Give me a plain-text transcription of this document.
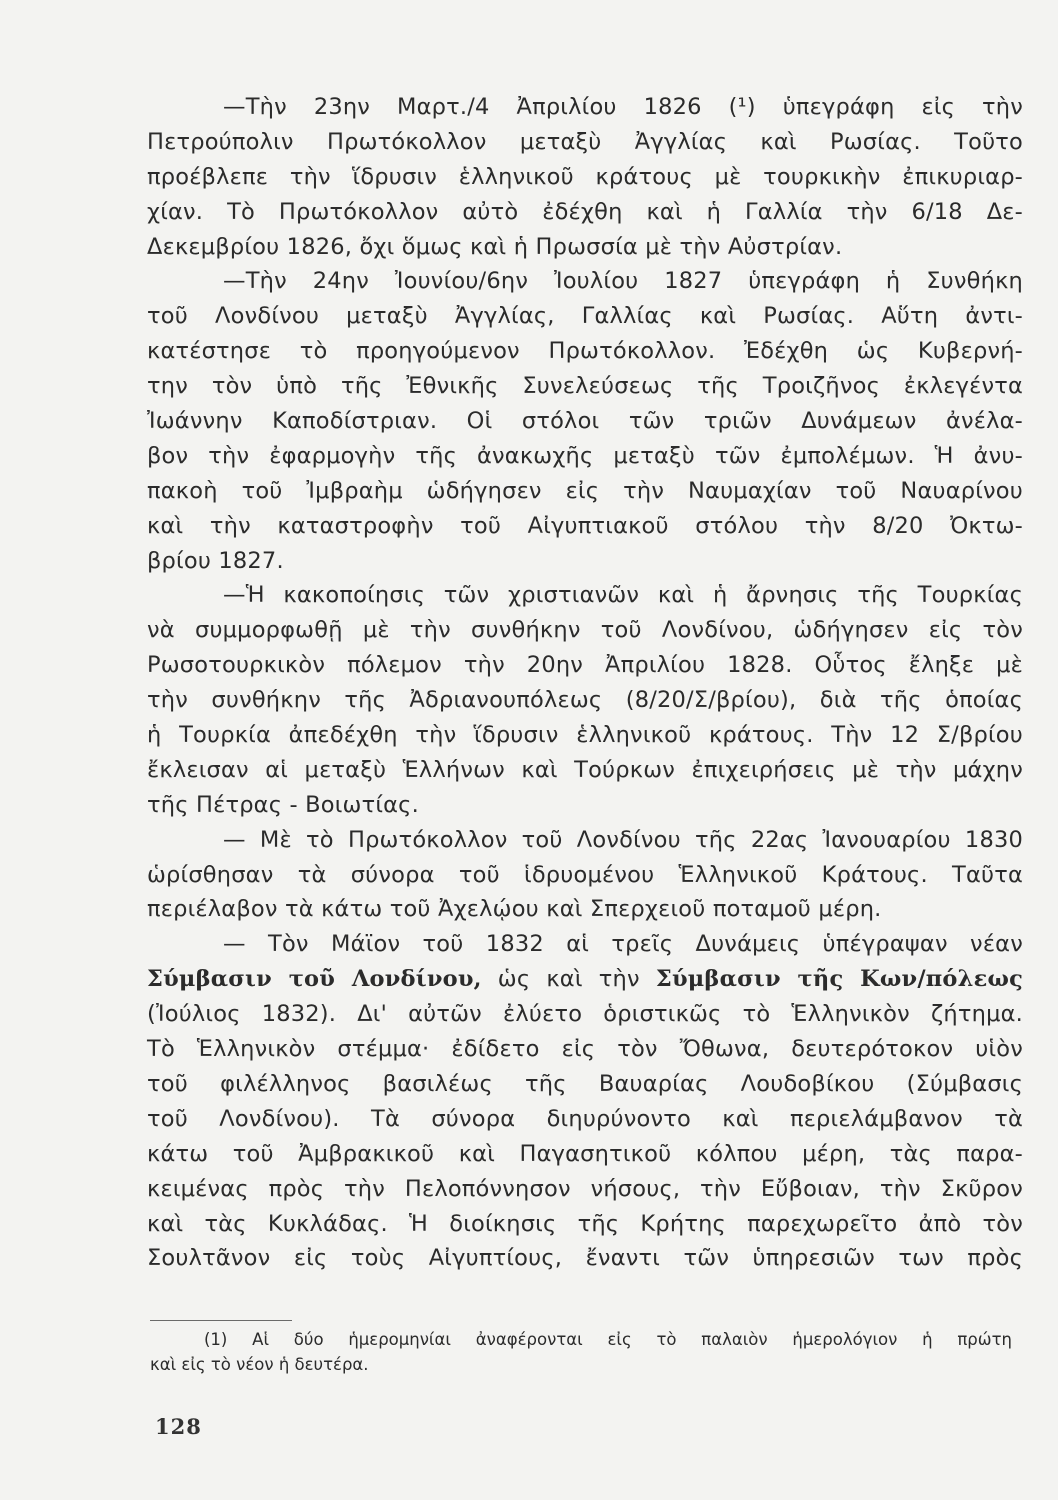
—Τὴν 23ην Μαρτ./4 Ἀπριλίου 1826 (¹) ὑπεγράφη εἰς τὴν
Πετρούπολιν Πρωτόκολλον μεταξὺ Ἀγγλίας καὶ Ρωσίας. Τοῦτο
προέβλεπε τὴν ἵδρυσιν ἑλληνικοῦ κράτους μὲ τουρκικὴν ἐπικυριαρ-
χίαν. Τὸ Πρωτόκολλον αὐτὸ ἐδέχθη καὶ ἡ Γαλλία τὴν 6/18 Δε-
Δεκεμβρίου 1826, ὄχι ὅμως καὶ ἡ Πρωσσία μὲ τὴν Αὐστρίαν.
—Τὴν 24ην Ἰουνίου/6ην Ἰουλίου 1827 ὑπεγράφη ἡ Συνθήκη
τοῦ Λονδίνου μεταξὺ Ἀγγλίας, Γαλλίας καὶ Ρωσίας. Αὕτη ἀντι-
κατέστησε τὸ προηγούμενον Πρωτόκολλον. Ἐδέχθη ὡς Κυβερνή-
την τὸν ὑπὸ τῆς Ἐθνικῆς Συνελεύσεως τῆς Τροιζῆνος ἐκλεγέντα
Ἰωάννην Καποδίστριαν. Οἱ στόλοι τῶν τριῶν Δυνάμεων ἀνέλα-
βον τὴν ἐφαρμογὴν τῆς ἀνακωχῆς μεταξὺ τῶν ἐμπολέμων. Ἡ ἀνυ-
πακοὴ τοῦ Ἰμβραὴμ ὡδήγησεν εἰς τὴν Ναυμαχίαν τοῦ Ναυαρίνου
καὶ τὴν καταστροφὴν τοῦ Αἰγυπτιακοῦ στόλου τὴν 8/20 Ὀκτω-
βρίου 1827.
—Ἡ κακοποίησις τῶν χριστιανῶν καὶ ἡ ἄρνησις τῆς Τουρκίας
νὰ συμμορφωθῇ μὲ τὴν συνθήκην τοῦ Λονδίνου, ὡδήγησεν εἰς τὸν
Ρωσοτουρκικὸν πόλεμον τὴν 20ην Ἀπριλίου 1828. Οὗτος ἔληξε μὲ
τὴν συνθήκην τῆς Ἀδριανουπόλεως (8/20/Σ/βρίου), διὰ τῆς ὁποίας
ἡ Τουρκία ἀπεδέχθη τὴν ἵδρυσιν ἑλληνικοῦ κράτους. Τὴν 12 Σ/βρίου
ἔκλεισαν αἱ μεταξὺ Ἑλλήνων καὶ Τούρκων ἐπιχειρήσεις μὲ τὴν μάχην
τῆς Πέτρας - Βοιωτίας.
— Μὲ τὸ Πρωτόκολλον τοῦ Λονδίνου τῆς 22ας Ἰανουαρίου 1830
ὡρίσθησαν τὰ σύνορα τοῦ ἱδρυομένου Ἑλληνικοῦ Κράτους. Ταῦτα
περιέλαβον τὰ κάτω τοῦ Ἀχελῴου καὶ Σπερχειοῦ ποταμοῦ μέρη.
— Τὸν Μάϊον τοῦ 1832 αἱ τρεῖς Δυνάμεις ὑπέγραψαν νέαν
Σύμβασιν τοῦ Λονδίνου, ὡς καὶ τὴν Σύμβασιν τῆς Κων/πόλεως
(Ἰούλιος 1832). Δι' αὐτῶν ἐλύετο ὁριστικῶς τὸ Ἑλληνικὸν ζήτημα.
Τὸ Ἑλληνικὸν στέμμα· ἐδίδετο εἰς τὸν Ὄθωνα, δευτερότοκον υἱὸν
τοῦ φιλέλληνος βασιλέως τῆς Βαυαρίας Λουδοβίκου (Σύμβασις
τοῦ Λονδίνου). Τὰ σύνορα διηυρύνοντο καὶ περιελάμβανον τὰ
κάτω τοῦ Ἀμβρακικοῦ καὶ Παγασητικοῦ κόλπου μέρη, τὰς παρα-
κειμένας πρὸς τὴν Πελοπόννησον νήσους, τὴν Εὔβοιαν, τὴν Σκῦρον
καὶ τὰς Κυκλάδας. Ἡ διοίκησις τῆς Κρήτης παρεχωρεῖτο ἀπὸ τὸν
Σουλτᾶνον εἰς τοὺς Αἰγυπτίους, ἔναντι τῶν ὑπηρεσιῶν των πρὸς
(1) Αἱ δύο ἡμερομηνίαι ἀναφέρονται εἰς τὸ παλαιὸν ἡμερολόγιον ἡ πρώτη
καὶ εἰς τὸ νέον ἡ δευτέρα.
128
